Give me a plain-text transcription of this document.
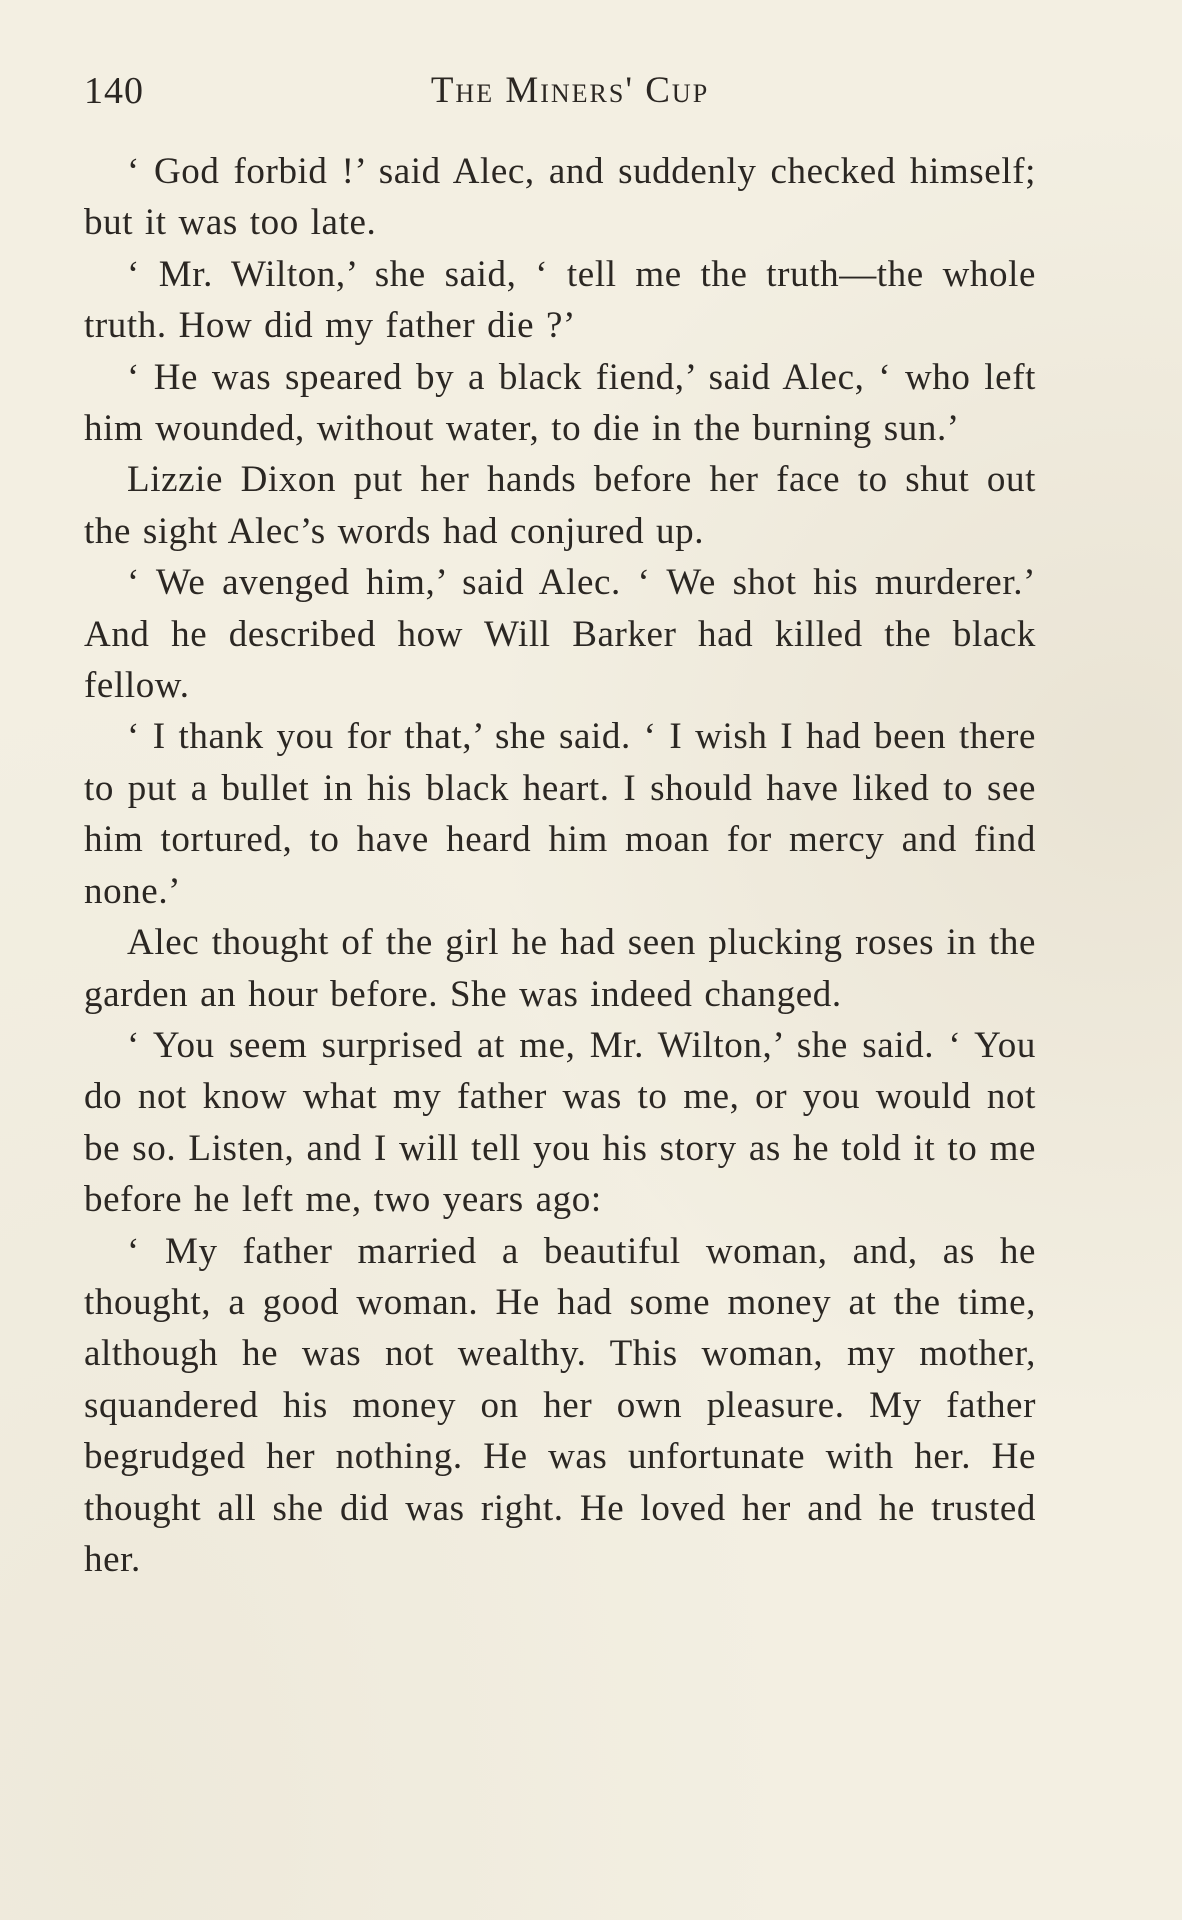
140	The Miners' Cup

‘ God forbid !’ said Alec, and suddenly checked himself; but it was too late.

‘ Mr. Wilton,’ she said, ‘ tell me the truth—the whole truth. How did my father die ?’

‘ He was speared by a black fiend,’ said Alec, ‘ who left him wounded, without water, to die in the burning sun.’

Lizzie Dixon put her hands before her face to shut out the sight Alec’s words had conjured up.

‘ We avenged him,’ said Alec. ‘ We shot his murderer.’ And he described how Will Barker had killed the black fellow.

‘ I thank you for that,’ she said. ‘ I wish I had been there to put a bullet in his black heart. I should have liked to see him tortured, to have heard him moan for mercy and find none.’

Alec thought of the girl he had seen plucking roses in the garden an hour before. She was indeed changed.

‘ You seem surprised at me, Mr. Wilton,’ she said. ‘ You do not know what my father was to me, or you would not be so. Listen, and I will tell you his story as he told it to me before he left me, two years ago:

‘ My father married a beautiful woman, and, as he thought, a good woman. He had some money at the time, although he was not wealthy. This woman, my mother, squandered his money on her own pleasure. My father begrudged her nothing. He was unfortunate with her. He thought all she did was right. He loved her and he trusted her.
